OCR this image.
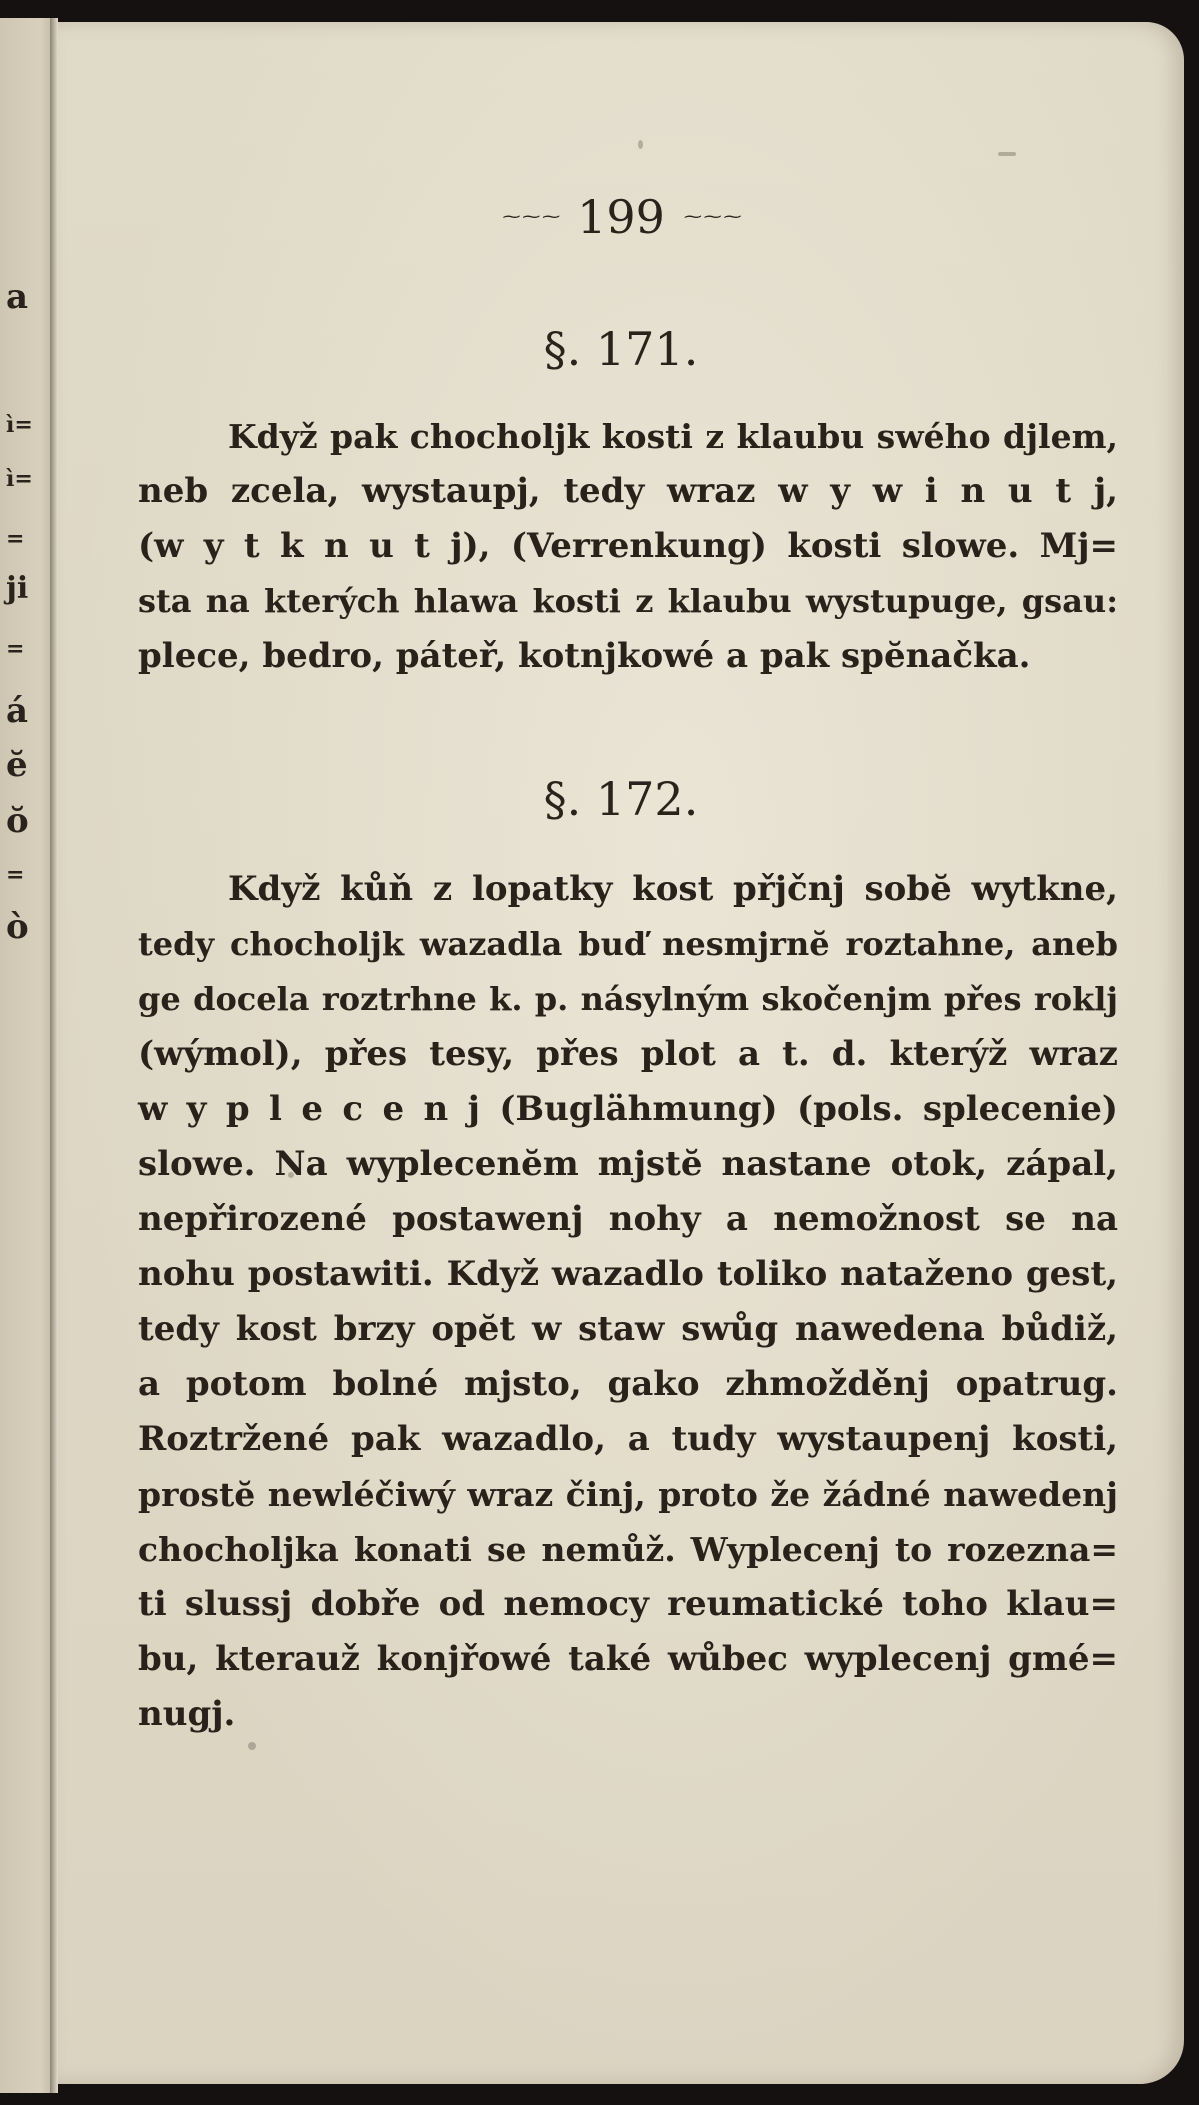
a
ì=
ì=
=
ji
=
á
ĕ
ŏ
=
ò
~~~ 199 ~~~
§. 171.
Když pak chocholjk kosti z klaubu swého djlem,
neb zcela, wystaupj, tedy wraz w y w i n u t j,
(w y t k n u t j), (Verrenkung) kosti slowe. Mj=
sta na kterých hlawa kosti z klaubu wystupuge, gsau:
plece, bedro, páteř, kotnjkowé a pak spĕnačka.
§. 172.
Když kůň z lopatky kost přjčnj sobĕ wytkne,
tedy chocholjk wazadla buď nesmjrnĕ roztahne, aneb
ge docela roztrhne k. p. násylným skočenjm přes roklj
(wýmol), přes tesy, přes plot a t. d. kterýž wraz
w y p l e c e n j (Buglähmung) (pols. splecenie)
slowe. Na wyplecenĕm mjstĕ nastane otok, zápal,
nepřirozené postawenj nohy a nemožnost se na
nohu postawiti. Když wazadlo toliko nataženo gest,
tedy kost brzy opĕt w staw swůg nawedena bůdiž,
a potom bolné mjsto, gako zhmožděnj opatrug.
Roztržené pak wazadlo, a tudy wystaupenj kosti,
prostĕ newléčiwý wraz činj, proto že žádné nawedenj
chocholjka konati se nemůž. Wyplecenj to rozezna=
ti slussj dobře od nemocy reumatické toho klau=
bu, kterauž konjřowé také wůbec wyplecenj gmé=
nugj.
